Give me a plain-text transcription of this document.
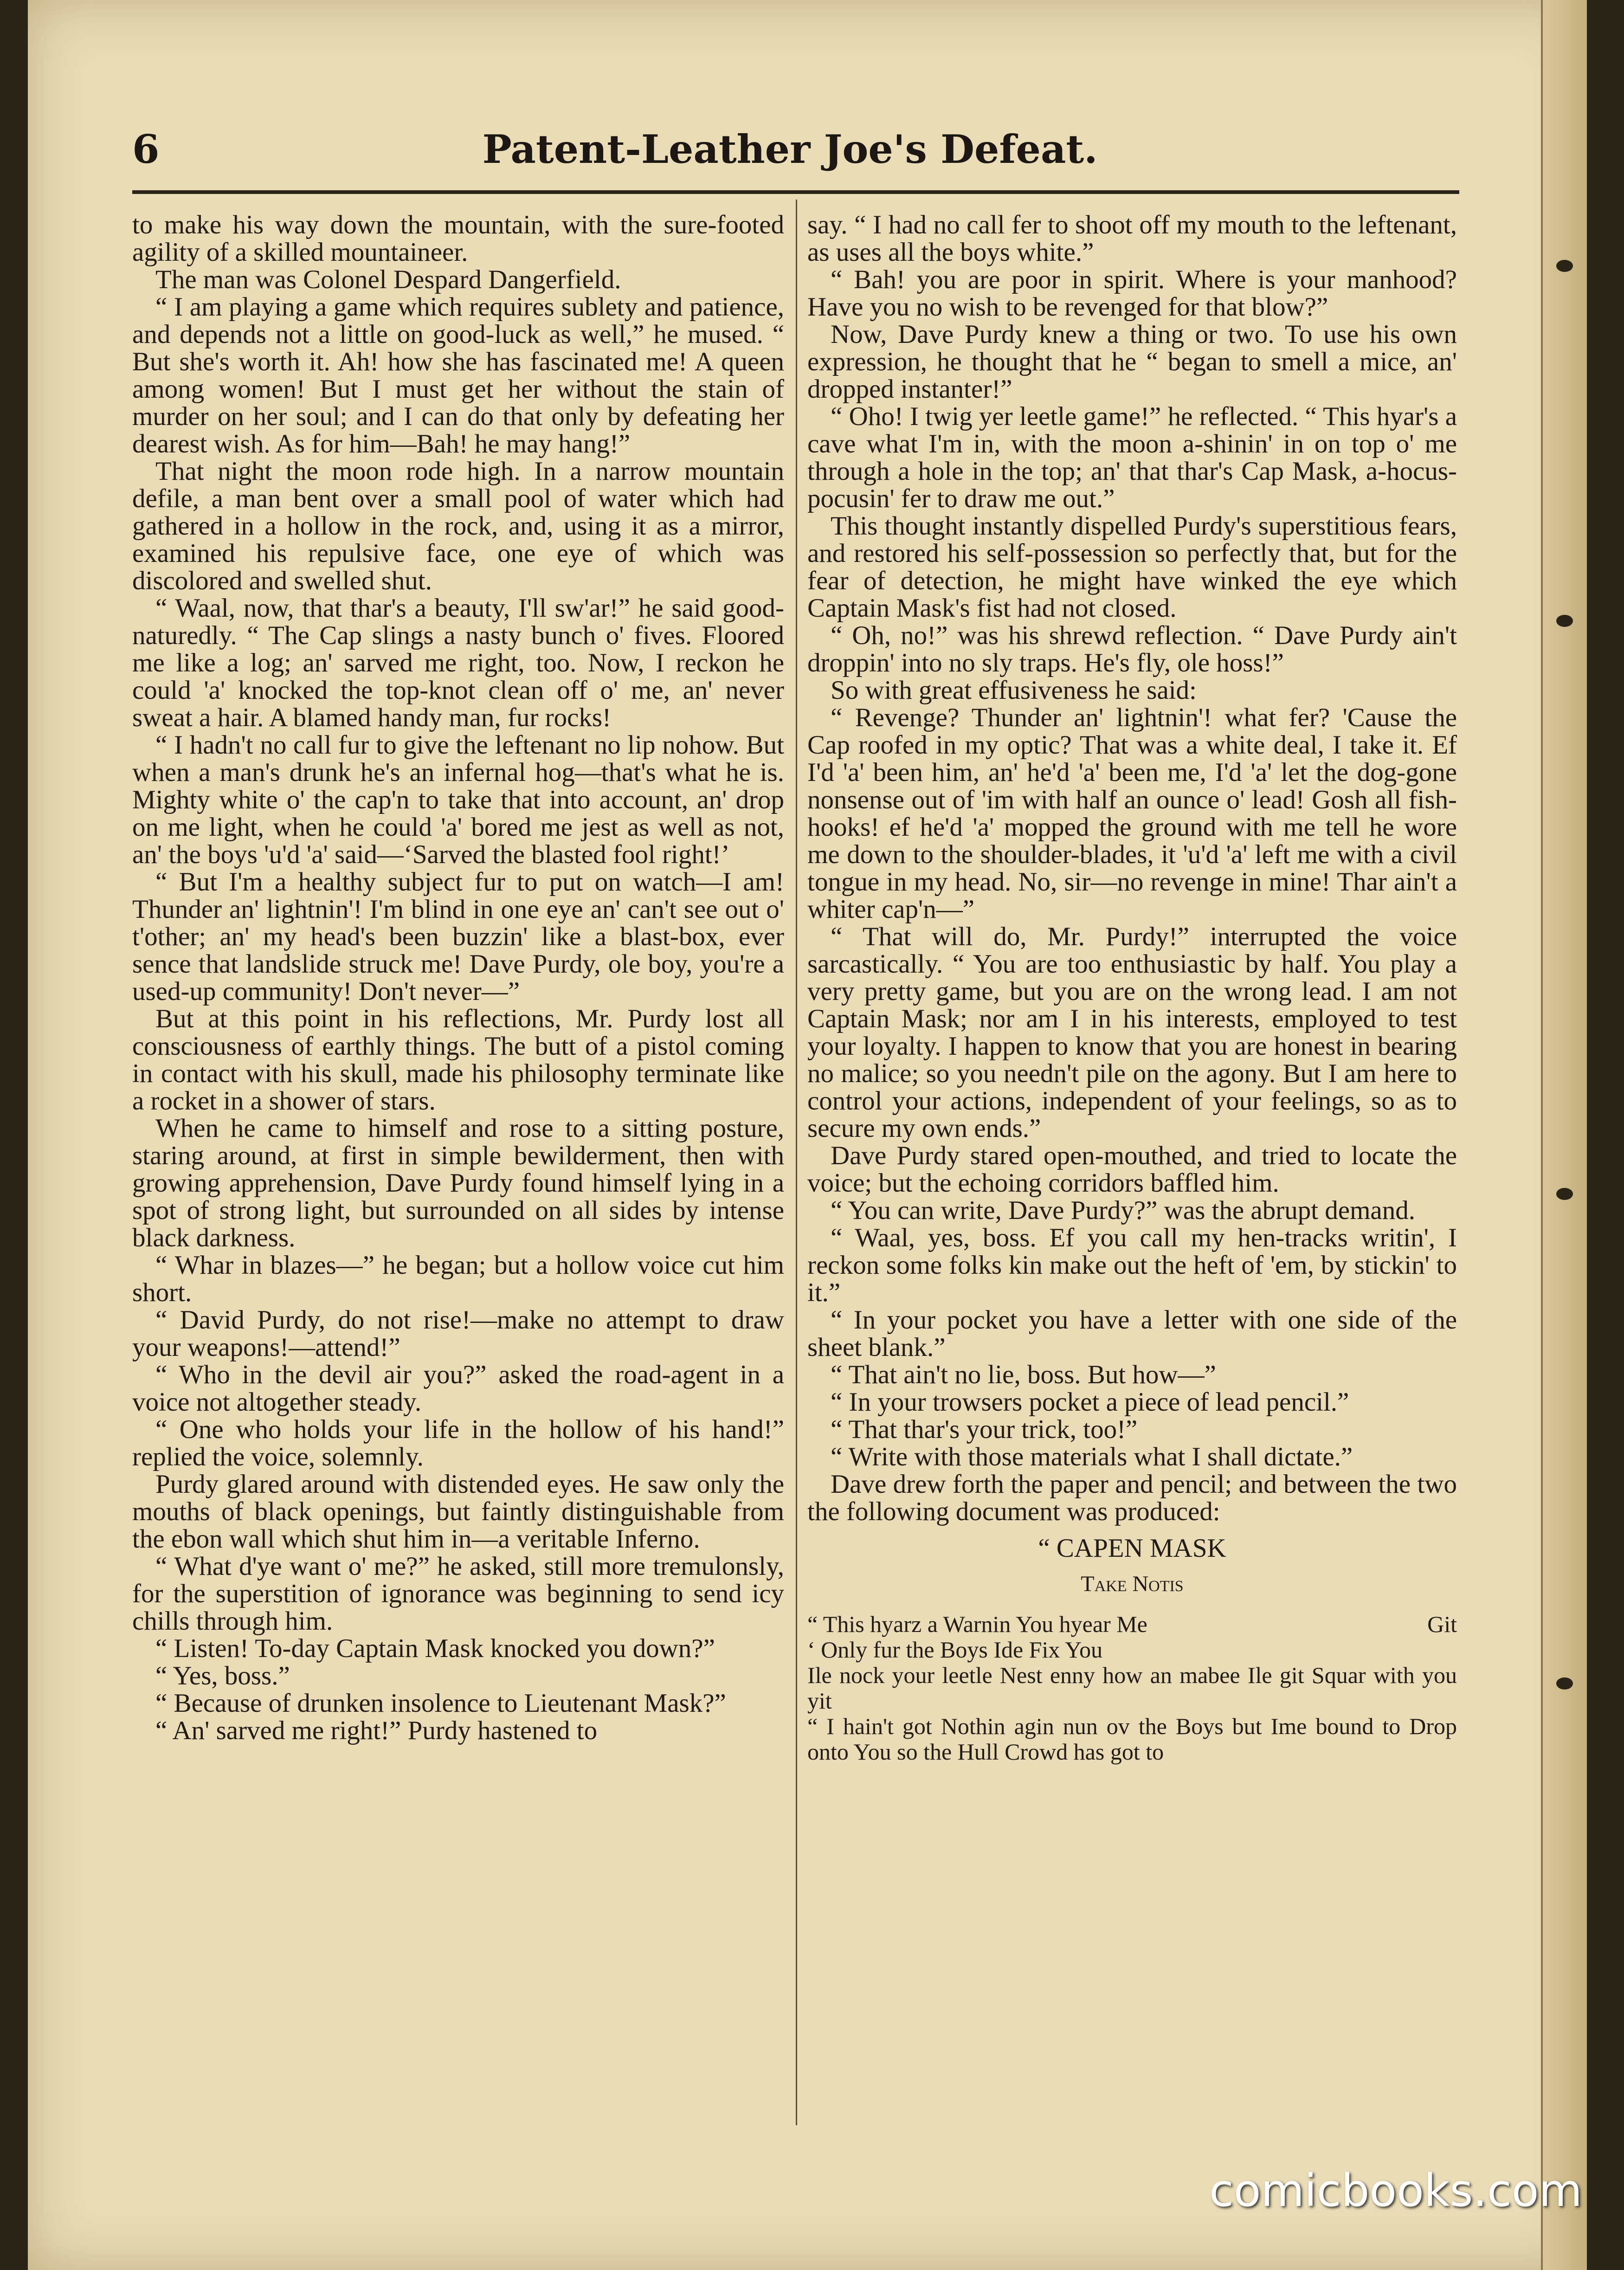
6	Patent-Leather Joe's Defeat.

to make his way down the mountain, with the sure-footed agility of a skilled mountaineer.

The man was Colonel Despard Dangerfield.

“ I am playing a game which requires sublety and patience, and depends not a little on good-luck as well,” he mused. “ But she's worth it. Ah! how she has fascinated me! A queen among women! But I must get her without the stain of murder on her soul; and I can do that only by defeating her dearest wish. As for him—Bah! he may hang!”

That night the moon rode high. In a narrow mountain defile, a man bent over a small pool of water which had gathered in a hollow in the rock, and, using it as a mirror, examined his repulsive face, one eye of which was discolored and swelled shut.

“ Waal, now, that thar's a beauty, I'll sw'ar!” he said good-naturedly. “ The Cap slings a nasty bunch o' fives. Floored me like a log; an' sarved me right, too. Now, I reckon he could 'a' knocked the top-knot clean off o' me, an' never sweat a hair. A blamed handy man, fur rocks!

“ I hadn't no call fur to give the leftenant no lip nohow. But when a man's drunk he's an infernal hog—that's what he is. Mighty white o' the cap'n to take that into account, an' drop on me light, when he could 'a' bored me jest as well as not, an' the boys 'u'd 'a' said—‘Sarved the blasted fool right!’

“ But I'm a healthy subject fur to put on watch—I am! Thunder an' lightnin'! I'm blind in one eye an' can't see out o' t'other; an' my head's been buzzin' like a blast-box, ever sence that landslide struck me! Dave Purdy, ole boy, you're a used-up community! Don't never—”

But at this point in his reflections, Mr. Purdy lost all consciousness of earthly things. The butt of a pistol coming in contact with his skull, made his philosophy terminate like a rocket in a shower of stars.

When he came to himself and rose to a sitting posture, staring around, at first in simple bewilderment, then with growing apprehension, Dave Purdy found himself lying in a spot of strong light, but surrounded on all sides by intense black darkness.

“ Whar in blazes—” he began; but a hollow voice cut him short.

“ David Purdy, do not rise!—make no attempt to draw your weapons!—attend!”

“ Who in the devil air you?” asked the road-agent in a voice not altogether steady.

“ One who holds your life in the hollow of his hand!” replied the voice, solemnly.

Purdy glared around with distended eyes. He saw only the mouths of black openings, but faintly distinguishable from the ebon wall which shut him in—a veritable Inferno.

“ What d'ye want o' me?” he asked, still more tremulonsly, for the superstition of ignorance was beginning to send icy chills through him.

“ Listen! To-day Captain Mask knocked you down?”

“ Yes, boss.”

“ Because of drunken insolence to Lieutenant Mask?”

“ An' sarved me right!” Purdy hastened to

say. “ I had no call fer to shoot off my mouth to the leftenant, as uses all the boys white.”

“ Bah! you are poor in spirit. Where is your manhood? Have you no wish to be revenged for that blow?”

Now, Dave Purdy knew a thing or two. To use his own expression, he thought that he “ began to smell a mice, an' dropped instanter!”

“ Oho! I twig yer leetle game!” he reflected. “ This hyar's a cave what I'm in, with the moon a-shinin' in on top o' me through a hole in the top; an' that thar's Cap Mask, a-hocus-pocusin' fer to draw me out.”

This thought instantly dispelled Purdy's superstitious fears, and restored his self-possession so perfectly that, but for the fear of detection, he might have winked the eye which Captain Mask's fist had not closed.

“ Oh, no!” was his shrewd reflection. “ Dave Purdy ain't droppin' into no sly traps. He's fly, ole hoss!”

So with great effusiveness he said:

“ Revenge? Thunder an' lightnin'! what fer? 'Cause the Cap roofed in my optic? That was a white deal, I take it. Ef I'd 'a' been him, an' he'd 'a' been me, I'd 'a' let the dog-gone nonsense out of 'im with half an ounce o' lead! Gosh all fish-hooks! ef he'd 'a' mopped the ground with me tell he wore me down to the shoulder-blades, it 'u'd 'a' left me with a civil tongue in my head. No, sir—no revenge in mine! Thar ain't a whiter cap'n—”

“ That will do, Mr. Purdy!” interrupted the voice sarcastically. “ You are too enthusiastic by half. You play a very pretty game, but you are on the wrong lead. I am not Captain Mask; nor am I in his interests, employed to test your loyalty. I happen to know that you are honest in bearing no malice; so you needn't pile on the agony. But I am here to control your actions, independent of your feelings, so as to secure my own ends.”

Dave Purdy stared open-mouthed, and tried to locate the voice; but the echoing corridors baffled him.

“ You can write, Dave Purdy?” was the abrupt demand.

“ Waal, yes, boss. Ef you call my hen-tracks writin', I reckon some folks kin make out the heft of 'em, by stickin' to it.”

“ In your pocket you have a letter with one side of the sheet blank.”

“ That ain't no lie, boss. But how—”

“ In your trowsers pocket a piece of lead pencil.”

“ That thar's your trick, too!”

“ Write with those materials what I shall dictate.”

Dave drew forth the paper and pencil; and between the two the following document was produced:

“ CAPEN MASK

Take Notis

“ This hyarz a Warnin You hyear Me	Git

‘ Only fur the Boys Ide Fix You

Ile nock your leetle Nest enny how an mabee Ile git Squar with you yit

“ I hain't got Nothin agin nun ov the Boys but Ime bound to Drop onto You so the Hull Crowd has got to

comicbooks.com
